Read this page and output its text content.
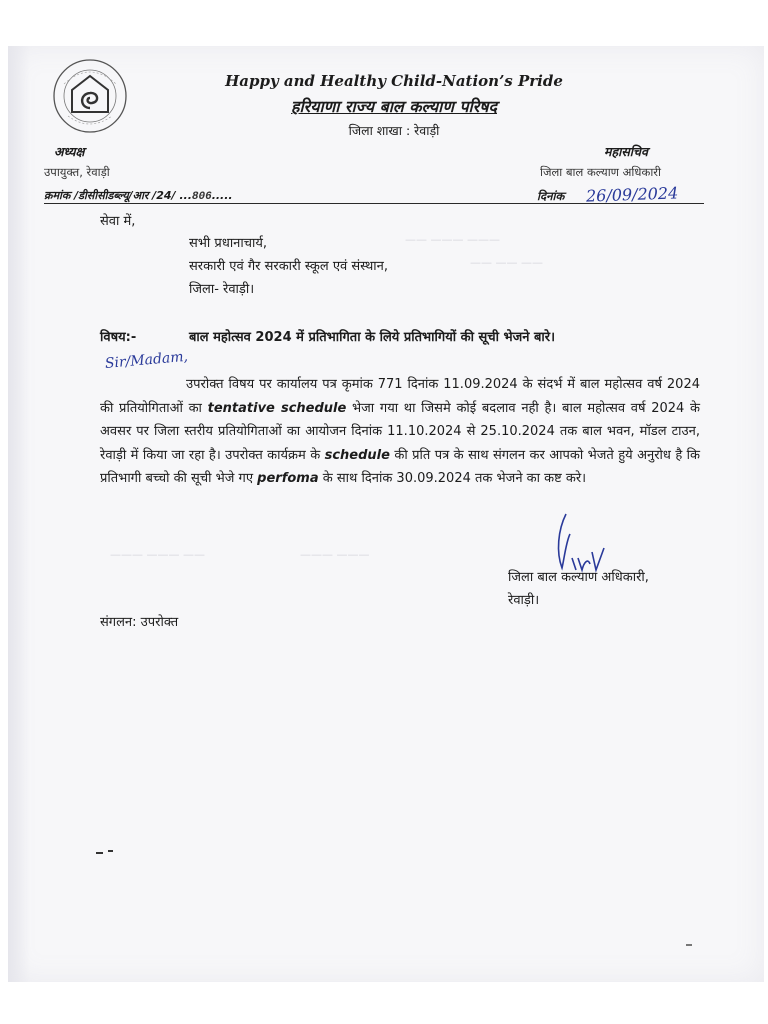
—— ——— ———
—— —— ——
——— ——— ——	——— ———
Happy and Healthy Child-Nation’s Pride
हरियाणा राज्य बाल कल्याण परिषद
जिला शाखा : रेवाड़ी
अध्यक्ष
उपायुक्त, रेवाड़ी
क्रमांक /डीसीसीडब्ल्यू/आर /24/ ...806.....
महासचिव
जिला बाल कल्याण अधिकारी
दिनांक 26/09/2024
सेवा में,
सभी प्रधानाचार्य,
सरकारी एवं गैर सरकारी स्कूल एवं संस्थान,
जिला- रेवाड़ी।
विषय:-	बाल महोत्सव 2024 में प्रतिभागिता के लिये प्रतिभागियों की सूची भेजने बारे।
Sir/Madam,

उपरोक्त विषय पर कार्यालय पत्र कृमांक 771 दिनांक 11.09.2024 के संदर्भ में बाल महोत्सव वर्ष 2024 की प्रतियोगिताओं का tentative schedule भेजा गया था जिसमे कोई बदलाव नही है। बाल महोत्सव वर्ष 2024 के अवसर पर जिला स्तरीय प्रतियोगिताओं का आयोजन दिनांक 11.10.2024 से 25.10.2024 तक बाल भवन, मॉडल टाउन, रेवाड़ी में किया जा रहा है। उपरोक्त कार्यक्रम के schedule की प्रति पत्र के साथ संगलन कर आपको भेजते हुये अनुरोध है कि प्रतिभागी बच्चो की सूची भेजे गए perfoma के साथ दिनांक 30.09.2024 तक भेजने का कष्ट करे।

जिला बाल कल्याण अधिकारी,
रेवाड़ी।
संगलन: उपरोक्त
